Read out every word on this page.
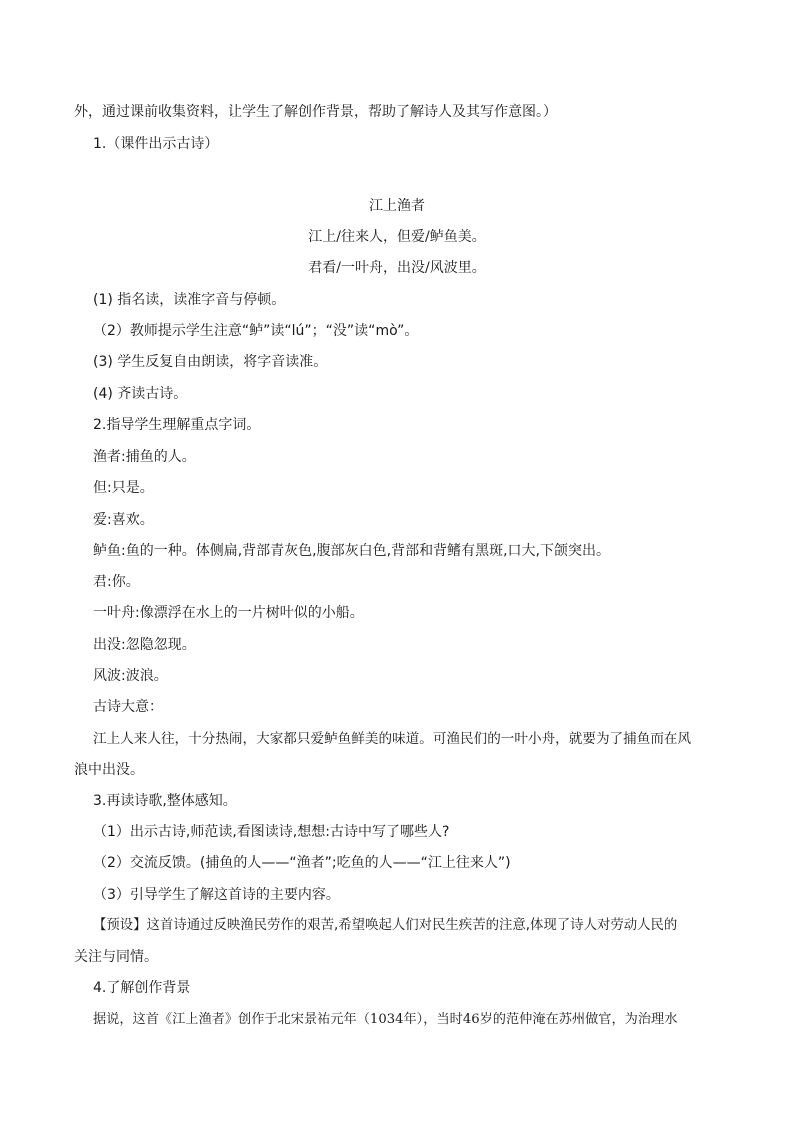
外，通过课前收集资料，让学生了解创作背景，帮助了解诗人及其写作意图。）
1.（课件出示古诗）
江上渔者
江上/往来人，但爱/鲈鱼美。
君看/一叶舟，出没/风波里。
(1) 指名读，读准字音与停顿。
（2）教师提示学生注意“鲈”读“lú”；“没”读“mò”。
(3) 学生反复自由朗读，将字音读准。
(4) 齐读古诗。
2.指导学生理解重点字词。
渔者:捕鱼的人。
但:只是。
爱:喜欢。
鲈鱼:鱼的一种。体侧扁,背部青灰色,腹部灰白色,背部和背鳍有黑斑,口大,下颌突出。
君:你。
一叶舟:像漂浮在水上的一片树叶似的小船。
出没:忽隐忽现。
风波:波浪。
古诗大意：
江上人来人往，十分热闹，大家都只爱鲈鱼鲜美的味道。可渔民们的一叶小舟，就要为了捕鱼而在风
浪中出没。
3.再读诗歌,整体感知。
（1）出示古诗,师范读,看图读诗,想想:古诗中写了哪些人?
（2）交流反馈。(捕鱼的人——“渔者”;吃鱼的人——“江上往来人”)
（3）引导学生了解这首诗的主要内容。
【预设】这首诗通过反映渔民劳作的艰苦,希望唤起人们对民生疾苦的注意,体现了诗人对劳动人民的
关注与同情。
4.了解创作背景
据说，这首《江上渔者》创作于北宋景祐元年（1034年），当时46岁的范仲淹在苏州做官，为治理水
